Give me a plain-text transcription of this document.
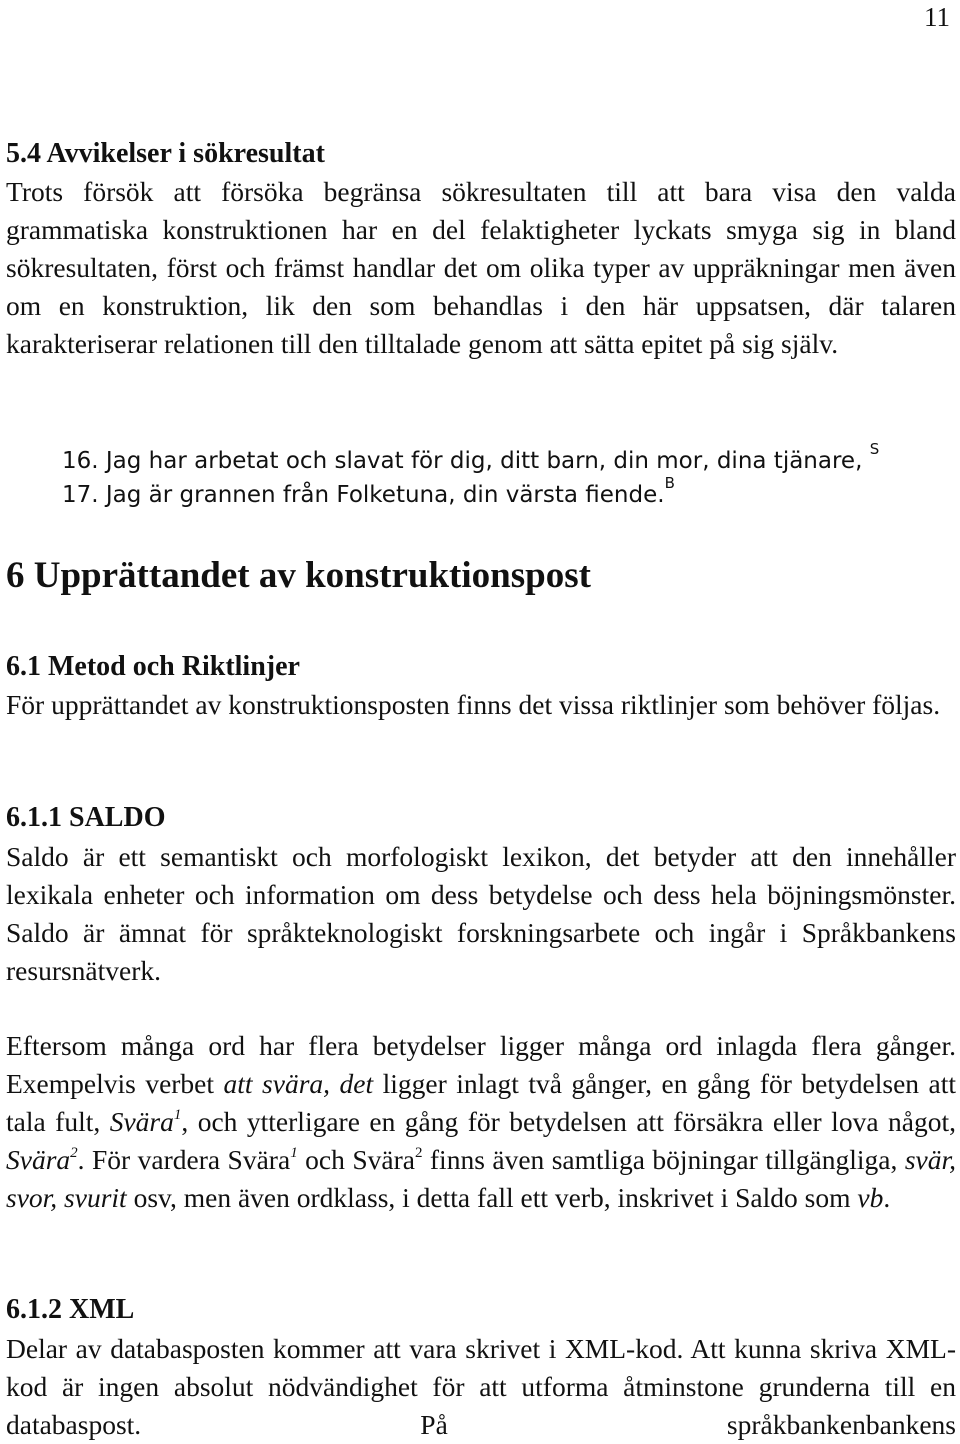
11
5.4 Avvikelser i sökresultat

Trots försök att försöka begränsa sökresultaten till att bara visa den valda grammatiska konstruktionen har en del felaktigheter lyckats smyga sig in bland sökresultaten, först och främst handlar det om olika typer av uppräkningar men även om en konstruktion, lik den som behandlas i den här uppsatsen, där talaren karakteriserar relationen till den tilltalade genom att sätta epitet på sig själv.

16. Jag har arbetat och slavat för dig, ditt barn, din mor, dina tjänare, $^S$

17. Jag är grannen från Folketuna, din värsta fiende.$^B$

6 Upprättandet av konstruktionspost
6.1 Metod och Riktlinjer

För upprättandet av konstruktionsposten finns det vissa riktlinjer som behöver följas.

6.1.1 SALDO

Saldo är ett semantiskt och morfologiskt lexikon, det betyder att den innehåller lexikala enheter och information om dess betydelse och dess hela böjningsmönster. Saldo är ämnat för språkteknologiskt forskningsarbete och ingår i Språkbankens resursnätverk.

Eftersom många ord har flera betydelser ligger många ord inlagda flera gånger. Exempelvis verbet att svära, det ligger inlagt två gånger, en gång för betydelsen att tala fult, Svära$^1$, och ytterligare en gång för betydelsen att försäkra eller lova något, Svära$^2$. För vardera Svära$^1$ och Svära$^2$ finns även samtliga böjningar tillgängliga, svär, svor, svurit osv, men även ordklass, i detta fall ett verb, inskrivet i Saldo som vb.

6.1.2 XML

Delar av databasposten kommer att vara skrivet i XML-kod. Att kunna skriva XML-kod är ingen absolut nödvändighet för att utforma åtminstone grunderna till en databaspost. På språkbankenbankens
